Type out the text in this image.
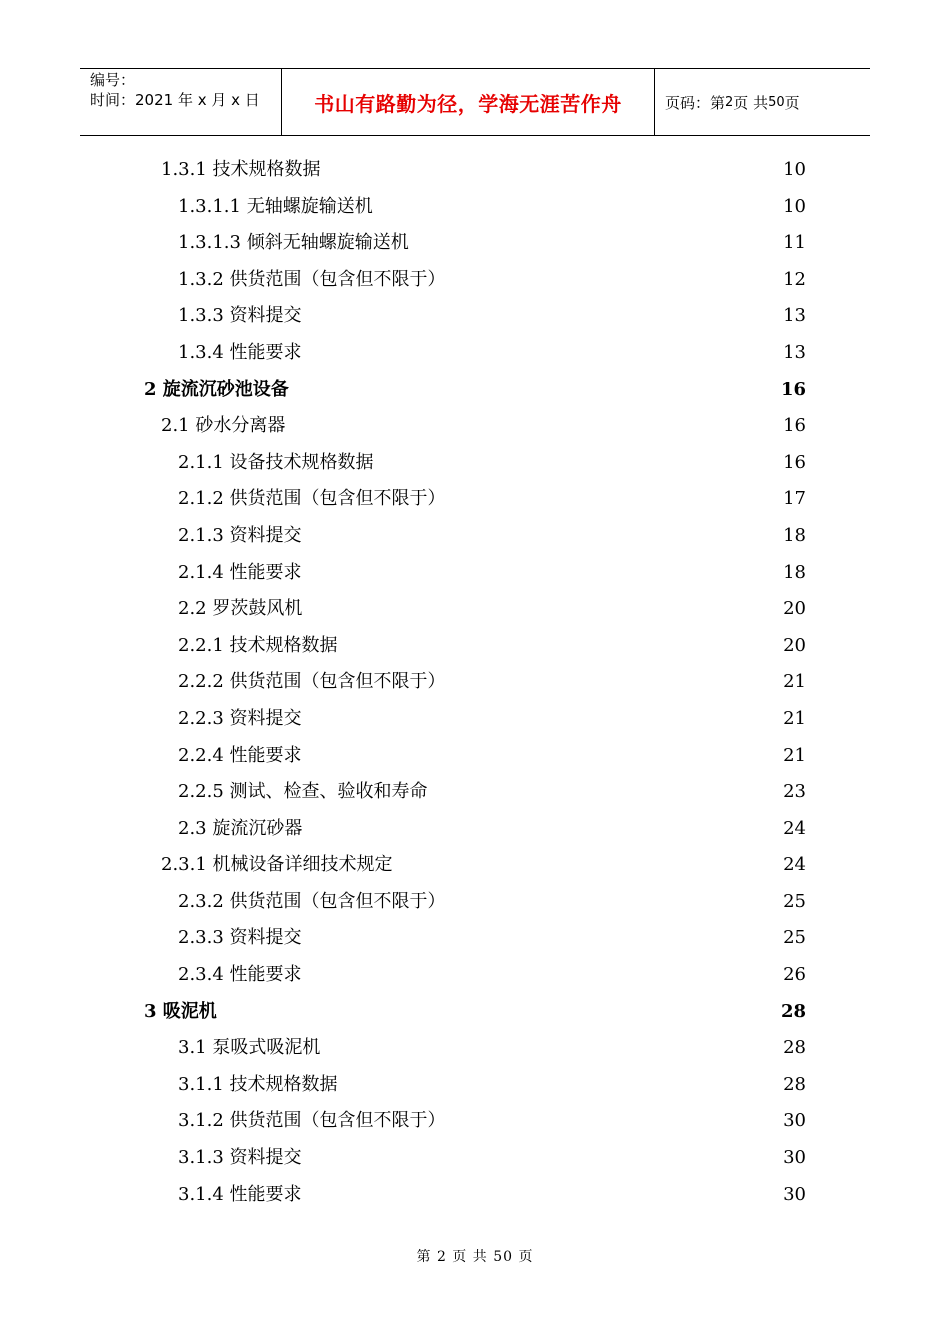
编号：
时间：2021 年 x 月 x 日	书山有路勤为径，学海无涯苦作舟	页码：第 2 页 共 50 页
1.3.1 技术规格数据	10
1.3.1.1 无轴螺旋输送机	10
1.3.1.3 倾斜无轴螺旋输送机	11
1.3.2 供货范围（包含但不限于）	12
1.3.3 资料提交	13
1.3.4 性能要求	13
2 旋流沉砂池设备	16
2.1 砂水分离器	16
2.1.1 设备技术规格数据	16
2.1.2 供货范围（包含但不限于）	17
2.1.3 资料提交	18
2.1.4 性能要求	18
2.2 罗茨鼓风机	20
2.2.1 技术规格数据	20
2.2.2 供货范围（包含但不限于）	21
2.2.3 资料提交	21
2.2.4 性能要求	21
2.2.5 测试、检查、验收和寿命	23
2.3 旋流沉砂器	24
2.3.1 机械设备详细技术规定	24
2.3.2 供货范围（包含但不限于）	25
2.3.3 资料提交	25
2.3.4 性能要求	26
3 吸泥机	28
3.1 泵吸式吸泥机	28
3.1.1 技术规格数据	28
3.1.2 供货范围（包含但不限于）	30
3.1.3 资料提交	30
3.1.4 性能要求	30
第 2 页 共 50 页
